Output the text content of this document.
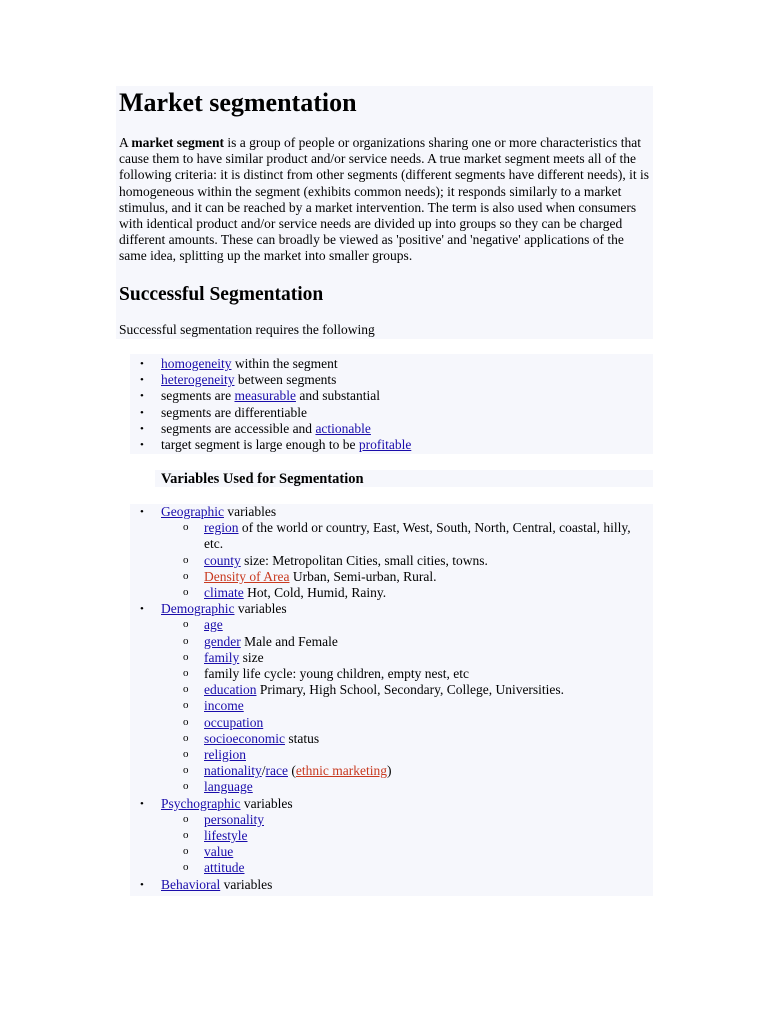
Market segmentation

A market segment is a group of people or organizations sharing one or more characteristics that cause them to have similar product and/or service needs. A true market segment meets all of the following criteria: it is distinct from other segments (different segments have different needs), it is homogeneous within the segment (exhibits common needs); it responds similarly to a market stimulus, and it can be reached by a market intervention. The term is also used when consumers with identical product and/or service needs are divided up into groups so they can be charged different amounts. These can broadly be viewed as 'positive' and 'negative' applications of the same idea, splitting up the market into smaller groups.

Successful Segmentation

Successful segmentation requires the following

• homogeneity within the segment
• heterogeneity between segments
• segments are measurable and substantial
• segments are differentiable
• segments are accessible and actionable
• target segment is large enough to be profitable
Variables Used for Segmentation
• Geographic variables
o region of the world or country, East, West, South, North, Central, coastal, hilly, etc.
o county size: Metropolitan Cities, small cities, towns.
o Density of Area Urban, Semi-urban, Rural.
o climate Hot, Cold, Humid, Rainy.
• Demographic variables
o age
o gender Male and Female
o family size
o family life cycle: young children, empty nest, etc
o education Primary, High School, Secondary, College, Universities.
o income
o occupation
o socioeconomic status
o religion
o nationality/race (ethnic marketing)
o language
• Psychographic variables
o personality
o lifestyle
o value
o attitude
• Behavioral variables
